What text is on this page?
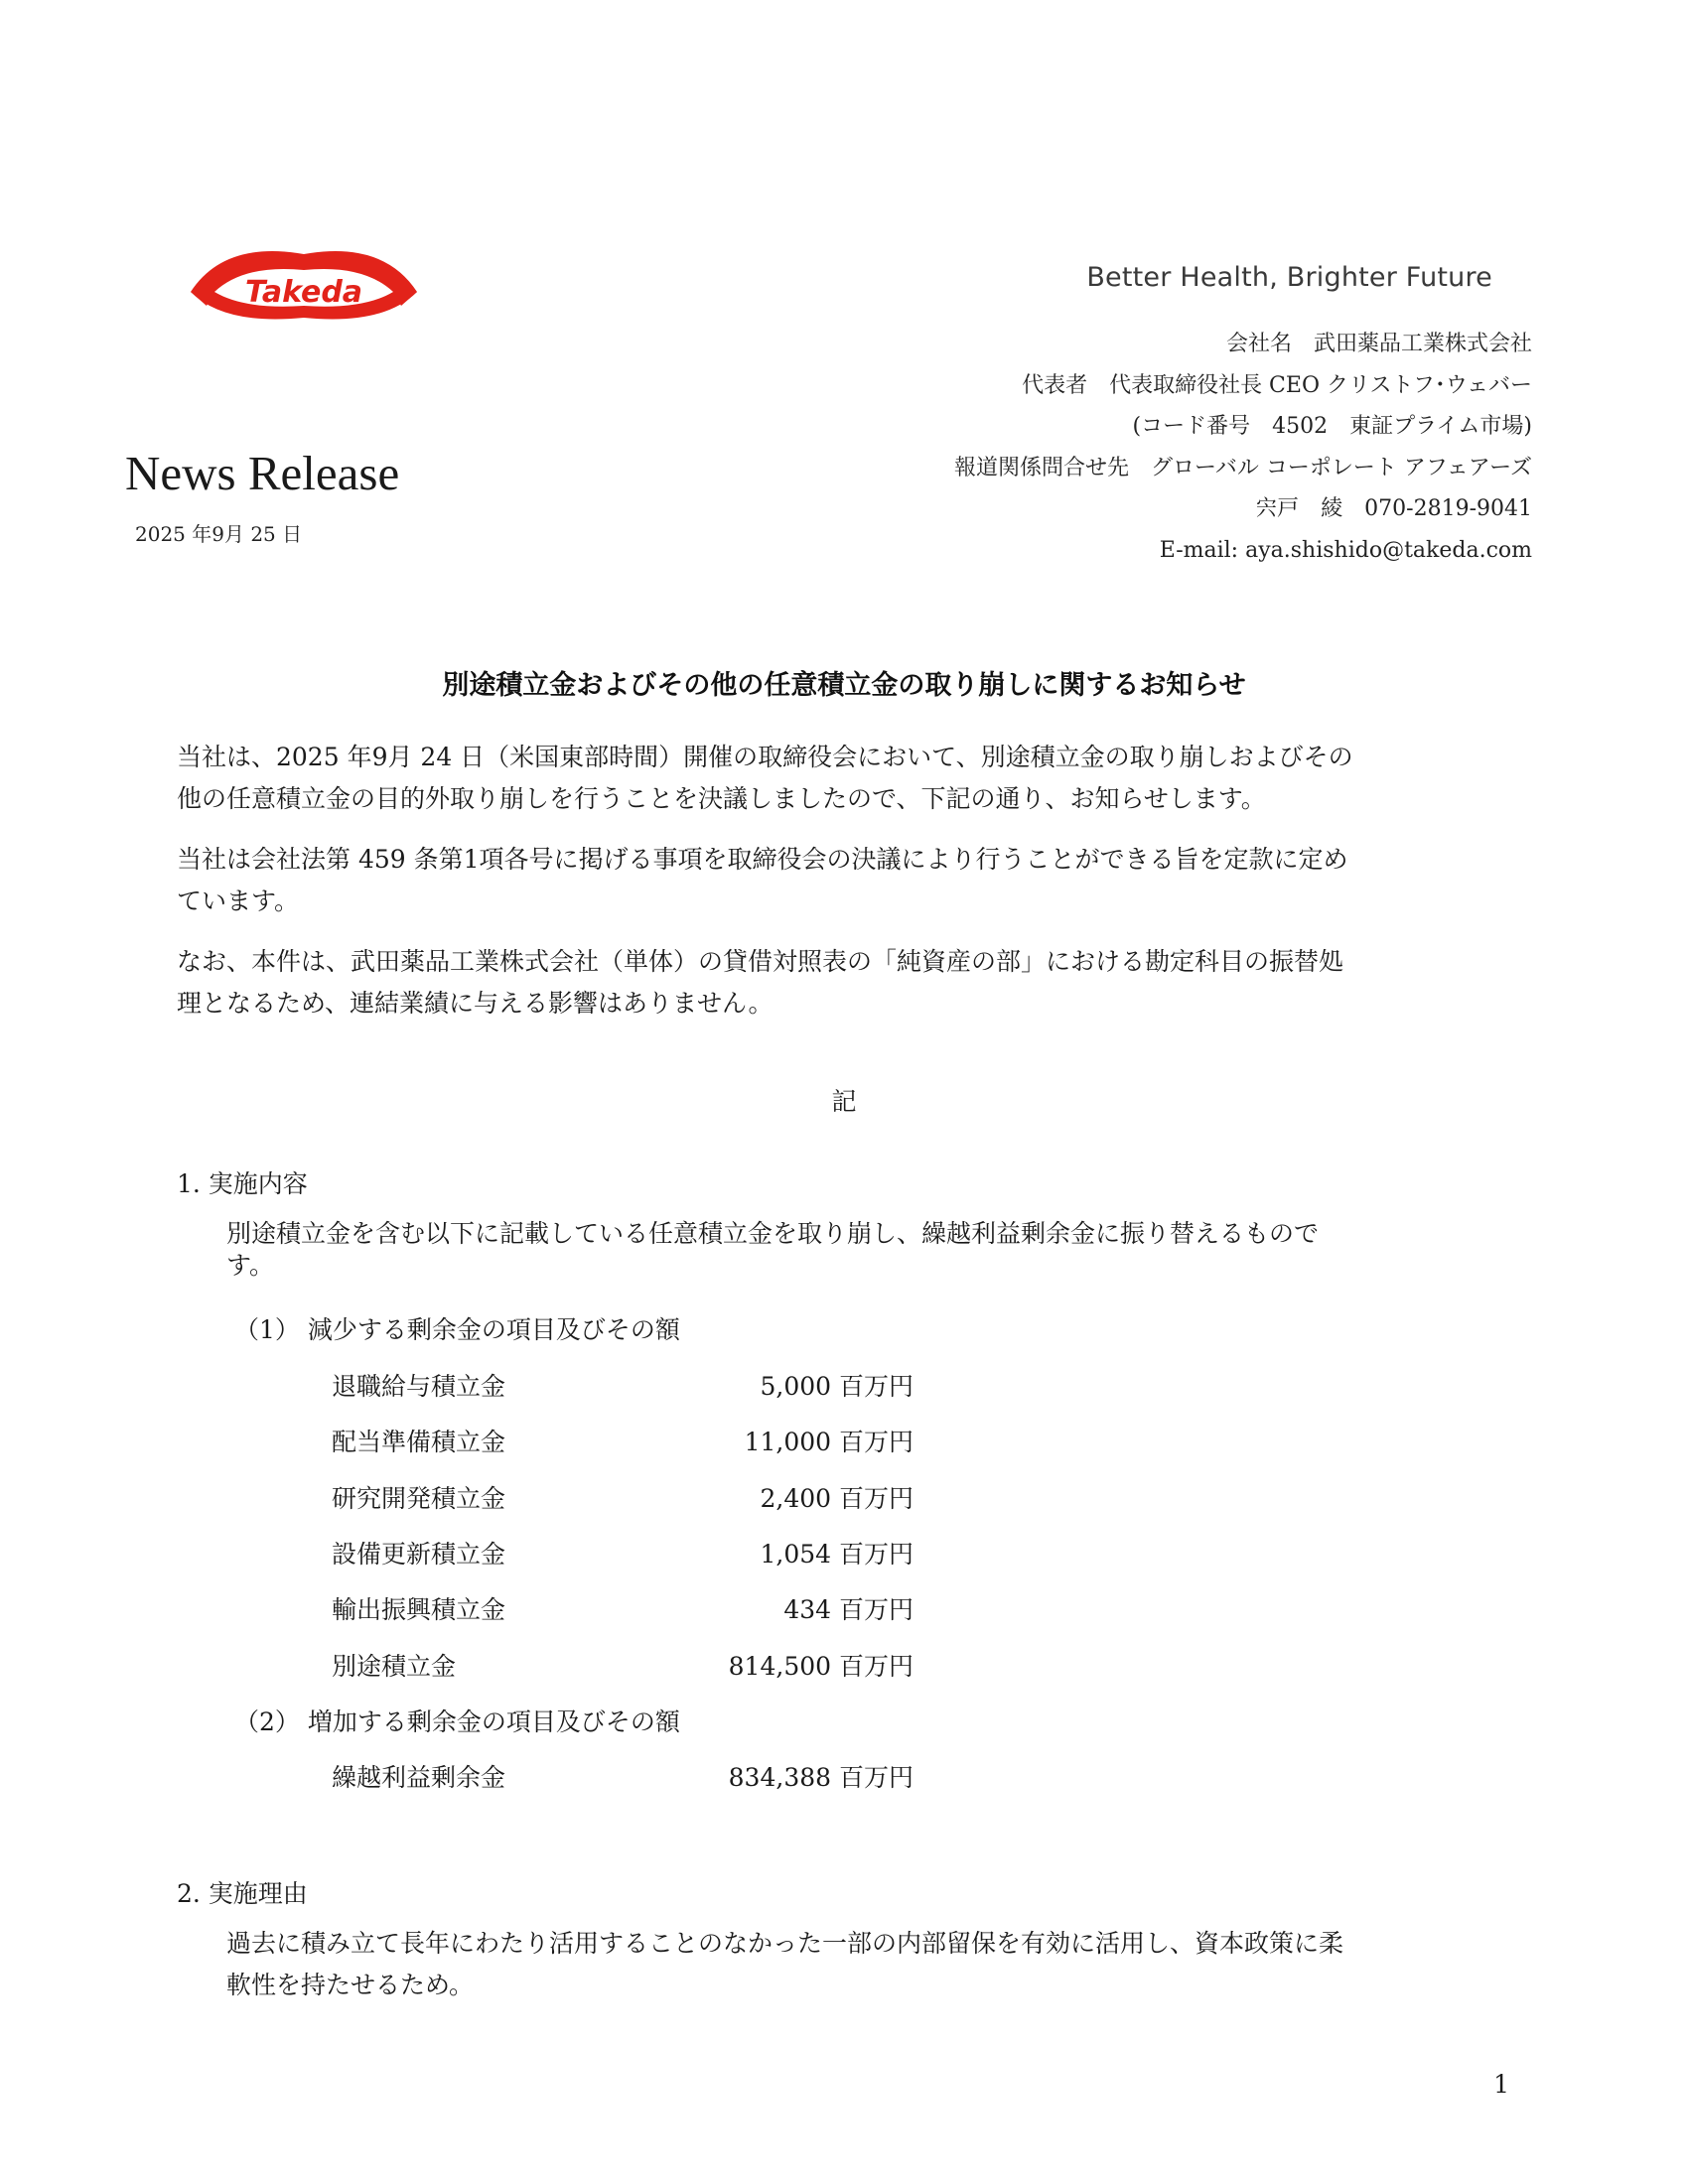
Takeda	Better Health, Brighter Future
会社名　武田薬品工業株式会社
代表者　代表取締役社長 CEO クリストフ･ウェバー
(コード番号　4502　東証プライム市場)
報道関係問合せ先　グローバル コーポレート アフェアーズ
宍戸　綾　070-2819-9041
E-mail: aya.shishido@takeda.com
News Release
2025 年9月 25 日
別途積立金およびその他の任意積立金の取り崩しに関するお知らせ
当社は、2025 年9月 24 日（米国東部時間）開催の取締役会において、別途積立金の取り崩しおよびその
他の任意積立金の目的外取り崩しを行うことを決議しましたので、下記の通り、お知らせします。
当社は会社法第 459 条第1項各号に掲げる事項を取締役会の決議により行うことができる旨を定款に定め
ています。
なお、本件は、武田薬品工業株式会社（単体）の貸借対照表の「純資産の部」における勘定科目の振替処
理となるため、連結業績に与える影響はありません。
記
1. 実施内容
別途積立金を含む以下に記載している任意積立金を取り崩し、繰越利益剰余金に振り替えるもので
す。
（1） 減少する剰余金の項目及びその額
退職給与積立金	5,000 百万円
配当準備積立金	11,000 百万円
研究開発積立金	2,400 百万円
設備更新積立金	1,054 百万円
輸出振興積立金	434 百万円
別途積立金	814,500 百万円
（2） 増加する剰余金の項目及びその額
繰越利益剰余金	834,388 百万円
2. 実施理由
過去に積み立て長年にわたり活用することのなかった一部の内部留保を有効に活用し、資本政策に柔
軟性を持たせるため。
1
